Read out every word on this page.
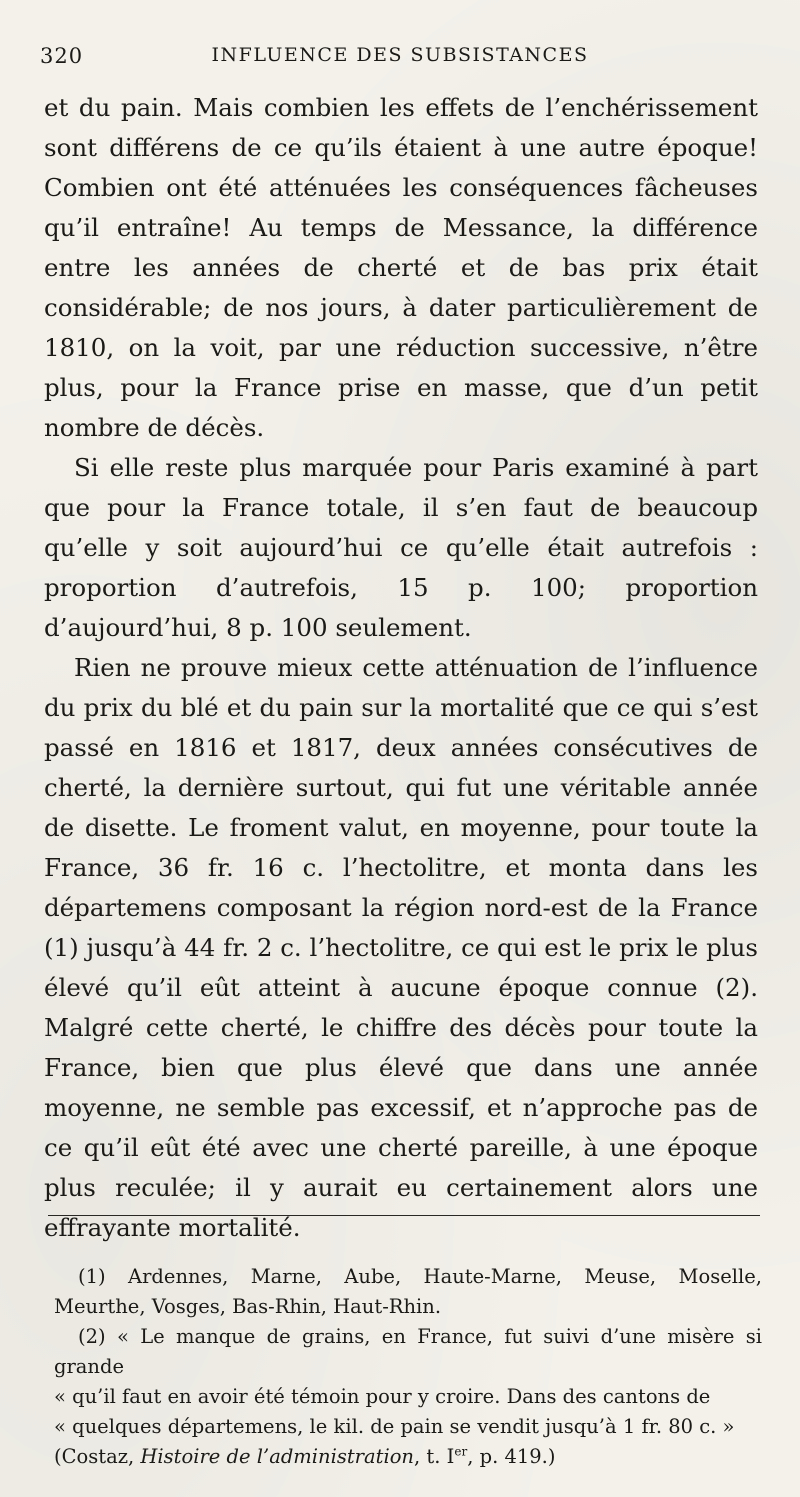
320	INFLUENCE DES SUBSISTANCES

et du pain. Mais combien les effets de l’enchérissement sont différens de ce qu’ils étaient à une autre époque! Combien ont été atténuées les conséquences fâcheuses qu’il entraîne! Au temps de Messance, la différence entre les années de cherté et de bas prix était considérable; de nos jours, à dater particulièrement de 1810, on la voit, par une réduction successive, n’être plus, pour la France prise en masse, que d’un petit nombre de décès.

Si elle reste plus marquée pour Paris examiné à part que pour la France totale, il s’en faut de beaucoup qu’elle y soit aujourd’hui ce qu’elle était autrefois : proportion d’autrefois, 15 p. 100; proportion d’aujourd’hui, 8 p. 100 seulement.

Rien ne prouve mieux cette atténuation de l’influence du prix du blé et du pain sur la mortalité que ce qui s’est passé en 1816 et 1817, deux années consécutives de cherté, la dernière surtout, qui fut une véritable année de disette. Le froment valut, en moyenne, pour toute la France, 36 fr. 16 c. l’hectolitre, et monta dans les départemens composant la région nord-est de la France (1) jusqu’à 44 fr. 2 c. l’hectolitre, ce qui est le prix le plus élevé qu’il eût atteint à aucune époque connue (2). Malgré cette cherté, le chiffre des décès pour toute la France, bien que plus élevé que dans une année moyenne, ne semble pas excessif, et n’approche pas de ce qu’il eût été avec une cherté pareille, à une époque plus reculée; il y aurait eu certainement alors une effrayante mortalité.

(1) Ardennes, Marne, Aube, Haute-Marne, Meuse, Moselle, Meurthe, Vosges, Bas-Rhin, Haut-Rhin.

(2) « Le manque de grains, en France, fut suivi d’une misère si grande
« qu’il faut en avoir été témoin pour y croire. Dans des cantons de
« quelques départemens, le kil. de pain se vendit jusqu’à 1 fr. 80 c. »
(Costaz, Histoire de l’administration, t. Ier, p. 419.)
